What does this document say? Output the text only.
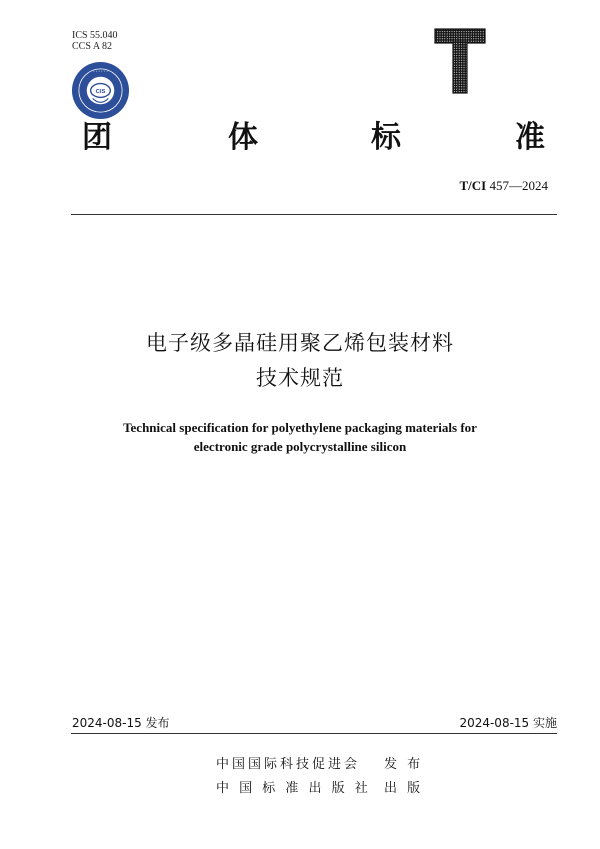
ICS 55.040
CCS A 82
• • • • • • • •
CIS
团	体	标	准
T/CI 457—2024
电子级多晶硅用聚乙烯包装材料
技术规范
Technical specification for polyethylene packaging materials for
electronic grade polycrystalline silicon
2024-08-15 发布	2024-08-15 实施
中国国际科技促进会 发 布
中 国 标 准 出 版 社 出 版
